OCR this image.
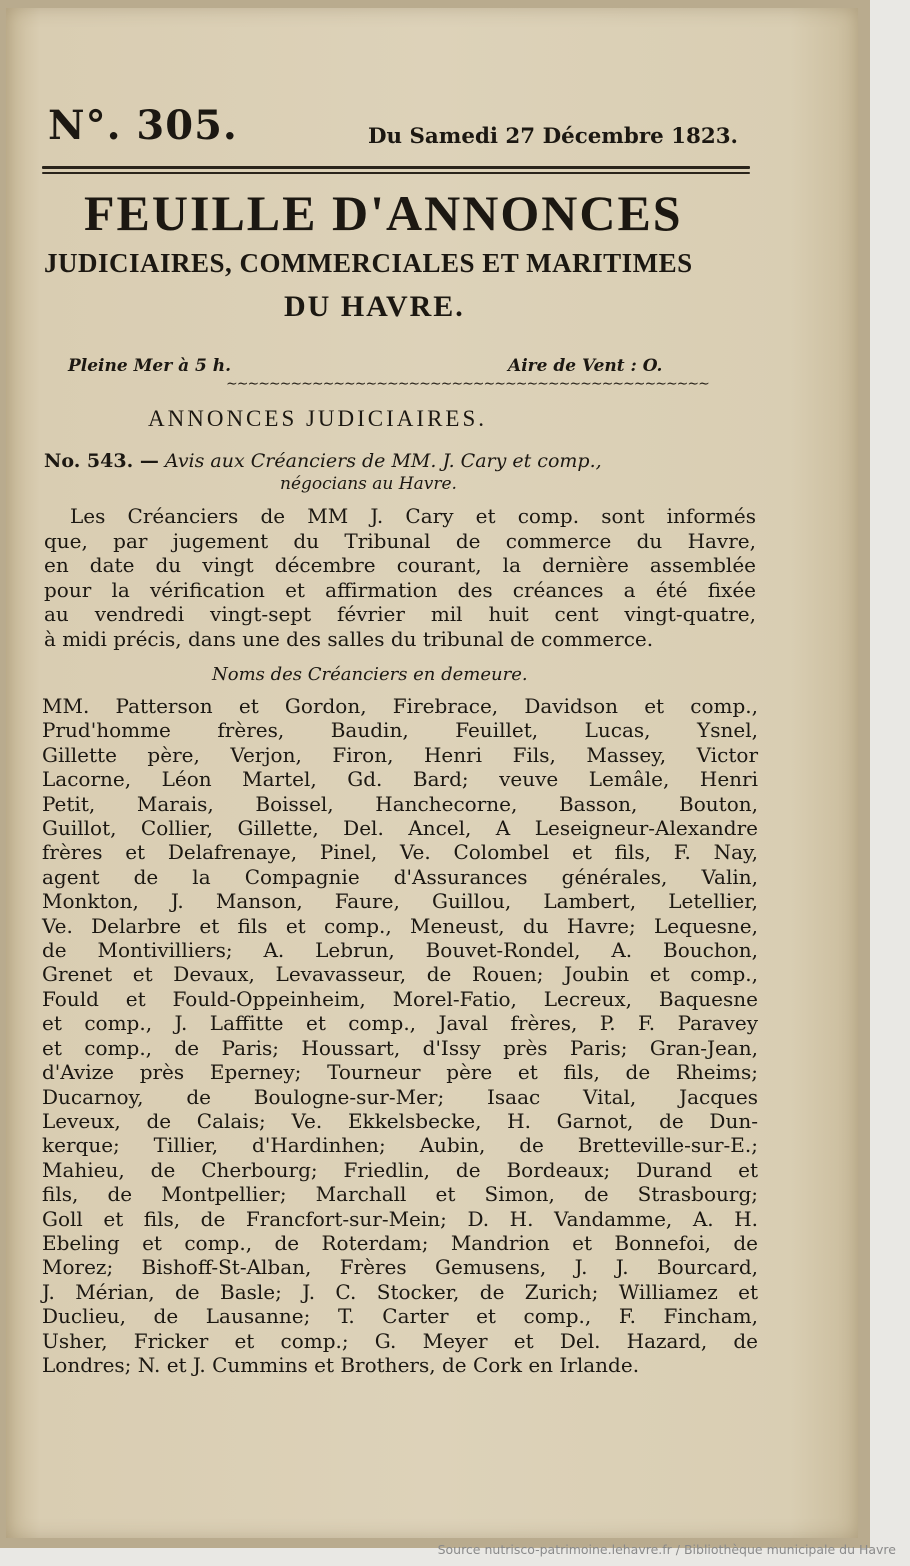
N°. 305.	Du Samedi 27 Décembre 1823.
FEUILLE D'ANNONCES
JUDICIAIRES, COMMERCIALES ET MARITIMES
DU HAVRE.
Pleine Mer à 5 h.	Aire de Vent : O.
∼∼∼∼∼∼∼∼∼∼∼∼∼∼∼∼∼∼∼∼∼∼∼∼∼∼∼∼∼∼∼∼∼∼∼∼∼∼∼∼∼∼∼∼∼
ANNONCES JUDICIAIRES.
No. 543. — Avis aux Créanciers de MM. J. Cary et comp.,
négocians au Havre.
Les Créanciers de MM J. Cary et comp. sont informés
que, par jugement du Tribunal de commerce du Havre,
en date du vingt décembre courant, la dernière assemblée
pour la vérification et affirmation des créances a été fixée
au vendredi vingt-sept février mil huit cent vingt-quatre,
à midi précis, dans une des salles du tribunal de commerce.
Noms des Créanciers en demeure.
MM. Patterson et Gordon, Firebrace, Davidson et comp.,
Prud'homme frères, Baudin, Feuillet, Lucas, Ysnel,
Gillette père, Verjon, Firon, Henri Fils, Massey, Victor
Lacorne, Léon Martel, Gd. Bard; veuve Lemâle, Henri
Petit, Marais, Boissel, Hanchecorne, Basson, Bouton,
Guillot, Collier, Gillette, Del. Ancel, A Leseigneur-Alexandre
frères et Delafrenaye, Pinel, Ve. Colombel et fils, F. Nay,
agent de la Compagnie d'Assurances générales, Valin,
Monkton, J. Manson, Faure, Guillou, Lambert, Letellier,
Ve. Delarbre et fils et comp., Meneust, du Havre; Lequesne,
de Montivilliers; A. Lebrun, Bouvet-Rondel, A. Bouchon,
Grenet et Devaux, Levavasseur, de Rouen; Joubin et comp.,
Fould et Fould-Oppeinheim, Morel-Fatio, Lecreux, Baquesne
et comp., J. Laffitte et comp., Javal frères, P. F. Paravey
et comp., de Paris; Houssart, d'Issy près Paris; Gran-Jean,
d'Avize près Eperney; Tourneur père et fils, de Rheims;
Ducarnoy, de Boulogne-sur-Mer; Isaac Vital, Jacques
Leveux, de Calais; Ve. Ekkelsbecke, H. Garnot, de Dun-
kerque; Tillier, d'Hardinhen; Aubin, de Bretteville-sur-E.;
Mahieu, de Cherbourg; Friedlin, de Bordeaux; Durand et
fils, de Montpellier; Marchall et Simon, de Strasbourg;
Goll et fils, de Francfort-sur-Mein; D. H. Vandamme, A. H.
Ebeling et comp., de Roterdam; Mandrion et Bonnefoi, de
Morez; Bishoff-St-Alban, Frères Gemusens, J. J. Bourcard,
J. Mérian, de Basle; J. C. Stocker, de Zurich; Williamez et
Duclieu, de Lausanne; T. Carter et comp., F. Fincham,
Usher, Fricker et comp.; G. Meyer et Del. Hazard, de
Londres; N. et J. Cummins et Brothers, de Cork en Irlande.
Source nutrisco-patrimoine.lehavre.fr / Bibliothèque municipale du Havre
